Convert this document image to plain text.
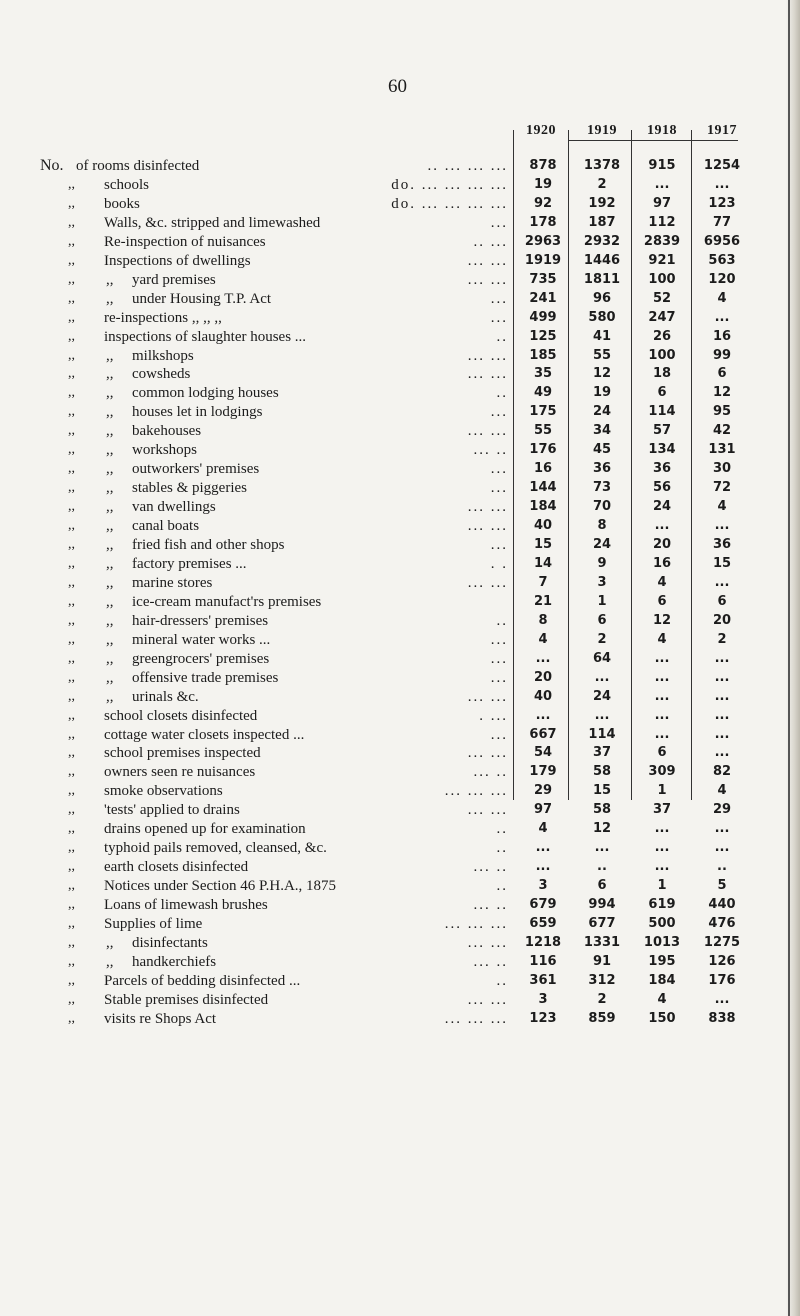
60
1920 1919 1918 1917
No. of rooms disinfected	.. ... ... ...	878	1378	915	1254
,, schools	do. ... ... ... ...	19	2	...	...
,, books	do. ... ... ... ...	92	192	97	123
,, Walls, &c. stripped and limewashed	...	178	187	112	77
,, Re-inspection of nuisances	.. ...	2963	2932	2839	6956
,, Inspections of dwellings	... ...	1919	1446	921	563
,, ,, yard premises	... ...	735	1811	100	120
,, ,, under Housing T.P. Act	...	241	96	52	4
,, re-inspections ,, ,, ,,	...	499	580	247	...
,, inspections of slaughter houses ...	..	125	41	26	16
,, ,, milkshops	... ...	185	55	100	99
,, ,, cowsheds	... ...	35	12	18	6
,, ,, common lodging houses	..	49	19	6	12
,, ,, houses let in lodgings	...	175	24	114	95
,, ,, bakehouses	... ...	55	34	57	42
,, ,, workshops	... ..	176	45	134	131
,, ,, outworkers' premises	...	16	36	36	30
,, ,, stables & piggeries	...	144	73	56	72
,, ,, van dwellings	... ...	184	70	24	4
,, ,, canal boats	... ...	40	8	...	...
,, ,, fried fish and other shops	...	15	24	20	36
,, ,, factory premises ...	. .	14	9	16	15
,, ,, marine stores	... ...	7	3	4	...
,, ,, ice-cream manufact'rs premises	21	1	6	6
,, ,, hair-dressers' premises	..	8	6	12	20
,, ,, mineral water works ...	...	4	2	4	2
,, ,, greengrocers' premises	...	...	64	...	...
,, ,, offensive trade premises	...	20	...	...	...
,, ,, urinals &c.	... ...	40	24	...	...
,, school closets disinfected	. ...	...	...	...	...
,, cottage water closets inspected ...	...	667	114	...	...
,, school premises inspected	... ...	54	37	6	...
,, owners seen re nuisances	... ..	179	58	309	82
,, smoke observations	... ... ...	29	15	1	4
,, 'tests' applied to drains	... ...	97	58	37	29
,, drains opened up for examination	..	4	12	...	...
,, typhoid pails removed, cleansed, &c.	..	...	...	...	...
,, earth closets disinfected	... ..	...	..	...	..
,, Notices under Section 46 P.H.A., 1875	..	3	6	1	5
,, Loans of limewash brushes	... ..	679	994	619	440
,, Supplies of lime	... ... ...	659	677	500	476
,, ,, disinfectants	... ...	1218	1331	1013	1275
,, ,, handkerchiefs	... ..	116	91	195	126
,, Parcels of bedding disinfected ...	..	361	312	184	176
,, Stable premises disinfected	... ...	3	2	4	...
,, visits re Shops Act	... ... ...	123	859	150	838
